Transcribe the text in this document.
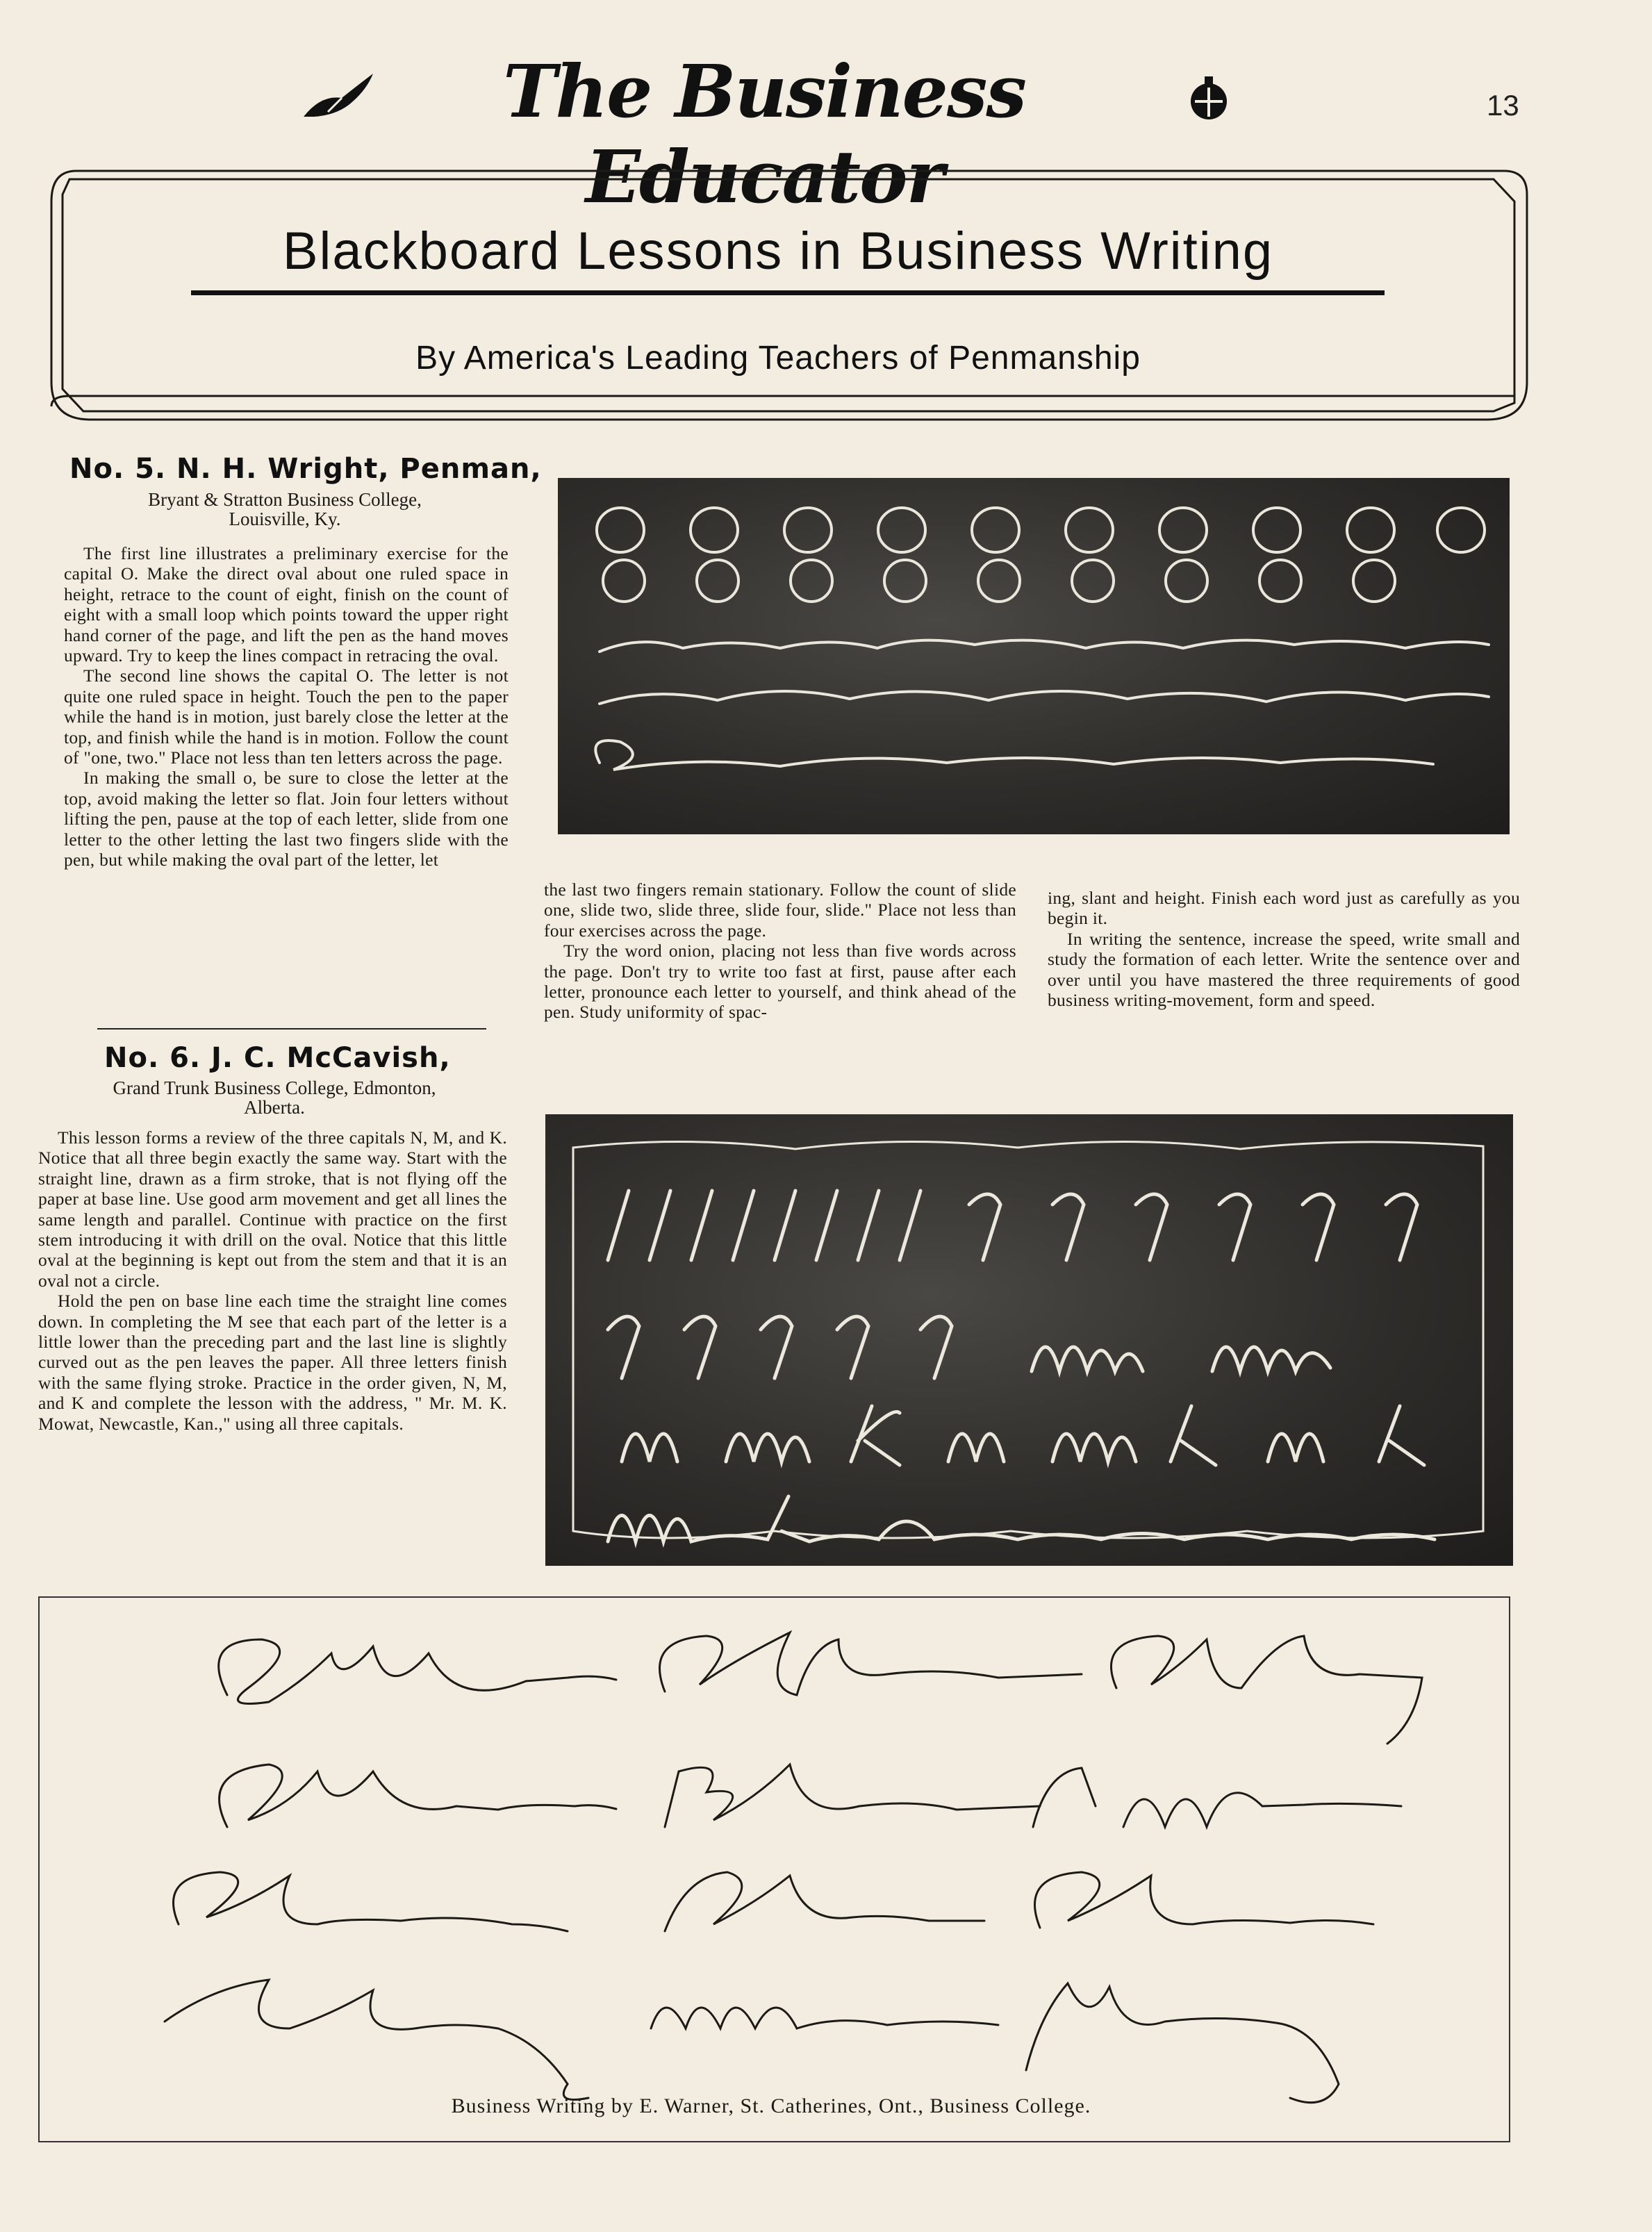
The Business Educator
13
Blackboard Lessons in Business Writing
By America's Leading Teachers of Penmanship
No. 5. N. H. Wright, Penman,
Bryant & Stratton Business College,
Louisville, Ky.

The first line illustrates a preliminary exercise for the capital O. Make the direct oval about one ruled space in height, retrace to the count of eight, finish on the count of eight with a small loop which points toward the upper right hand corner of the page, and lift the pen as the hand moves upward. Try to keep the lines compact in retracing the oval.

The second line shows the capital O. The letter is not quite one ruled space in height. Touch the pen to the paper while the hand is in motion, just barely close the letter at the top, and finish while the hand is in motion. Follow the count of "one, two." Place not less than ten letters across the page.

In making the small o, be sure to close the letter at the top, avoid making the letter so flat. Join four letters without lifting the pen, pause at the top of each letter, slide from one letter to the other letting the last two fingers slide with the pen, but while making the oval part of the letter, let

the last two fingers remain stationary. Follow the count of slide one, slide two, slide three, slide four, slide." Place not less than four exercises across the page.

Try the word onion, placing not less than five words across the page. Don't try to write too fast at first, pause after each letter, pronounce each letter to yourself, and think ahead of the pen. Study uniformity of spac-

ing, slant and height. Finish each word just as carefully as you begin it.

In writing the sentence, increase the speed, write small and study the formation of each letter. Write the sentence over and over until you have mastered the three requirements of good business writing-movement, form and speed.

No. 6. J. C. McCavish,
Grand Trunk Business College, Edmonton,
Alberta.

This lesson forms a review of the three capitals N, M, and K. Notice that all three begin exactly the same way. Start with the straight line, drawn as a firm stroke, that is not flying off the paper at base line. Use good arm movement and get all lines the same length and parallel. Continue with practice on the first stem introducing it with drill on the oval. Notice that this little oval at the beginning is kept out from the stem and that it is an oval not a circle.

Hold the pen on base line each time the straight line comes down. In completing the M see that each part of the letter is a little lower than the preceding part and the last line is slightly curved out as the pen leaves the paper. All three letters finish with the same flying stroke. Practice in the order given, N, M, and K and complete the lesson with the address, " Mr. M. K. Mowat, Newcastle, Kan.," using all three capitals.

Business Writing by E. Warner, St. Catherines, Ont., Business College.
